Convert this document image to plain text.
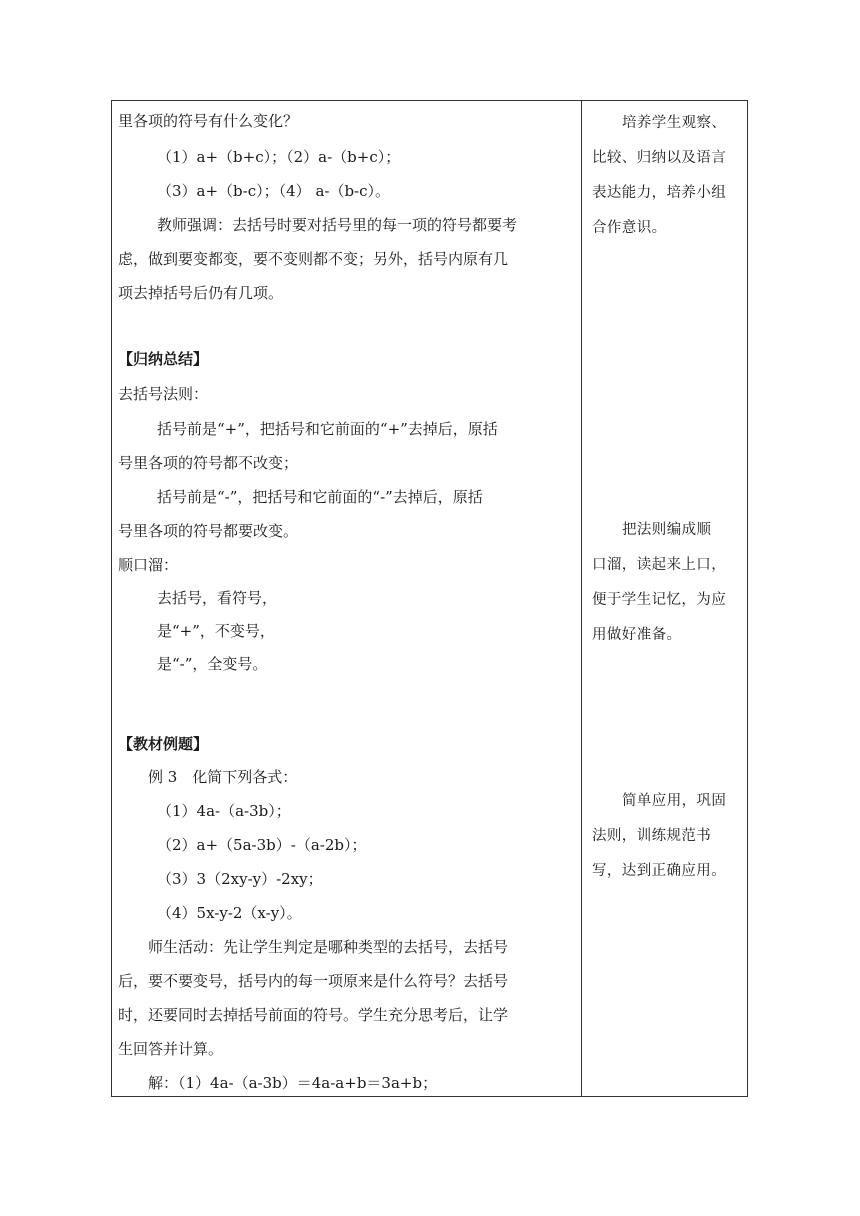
里各项的符号有什么变化？
（1）a+（b+c）；（2）a-（b+c）；
（3）a+（b-c）；（4） a-（b-c）。
教师强调：去括号时要对括号里的每一项的符号都要考
虑，做到要变都变，要不变则都不变；另外，括号内原有几
项去掉括号后仍有几项。
【归纳总结】
去括号法则：
括号前是“+”，把括号和它前面的“+”去掉后，原括
号里各项的符号都不改变；
括号前是“-”，把括号和它前面的“-”去掉后，原括
号里各项的符号都要改变。
顺口溜：
去括号，看符号，
是“+”，不变号，
是“-”，全变号。
【教材例题】
例 3　化简下列各式：
（1）4a-（a-3b）；
（2）a+（5a-3b）-（a-2b）；
（3）3（2xy-y）-2xy；
（4）5x-y-2（x-y）。
师生活动：先让学生判定是哪种类型的去括号，去括号
后，要不要变号，括号内的每一项原来是什么符号？去括号
时，还要同时去掉括号前面的符号。学生充分思考后，让学
生回答并计算。
解：（1）4a-（a-3b）＝4a-a+b＝3a+b；
培养学生观察、
比较、归纳以及语言
表达能力，培养小组
合作意识。
把法则编成顺
口溜，读起来上口，
便于学生记忆，为应
用做好准备。
简单应用，巩固
法则，训练规范书
写，达到正确应用。
